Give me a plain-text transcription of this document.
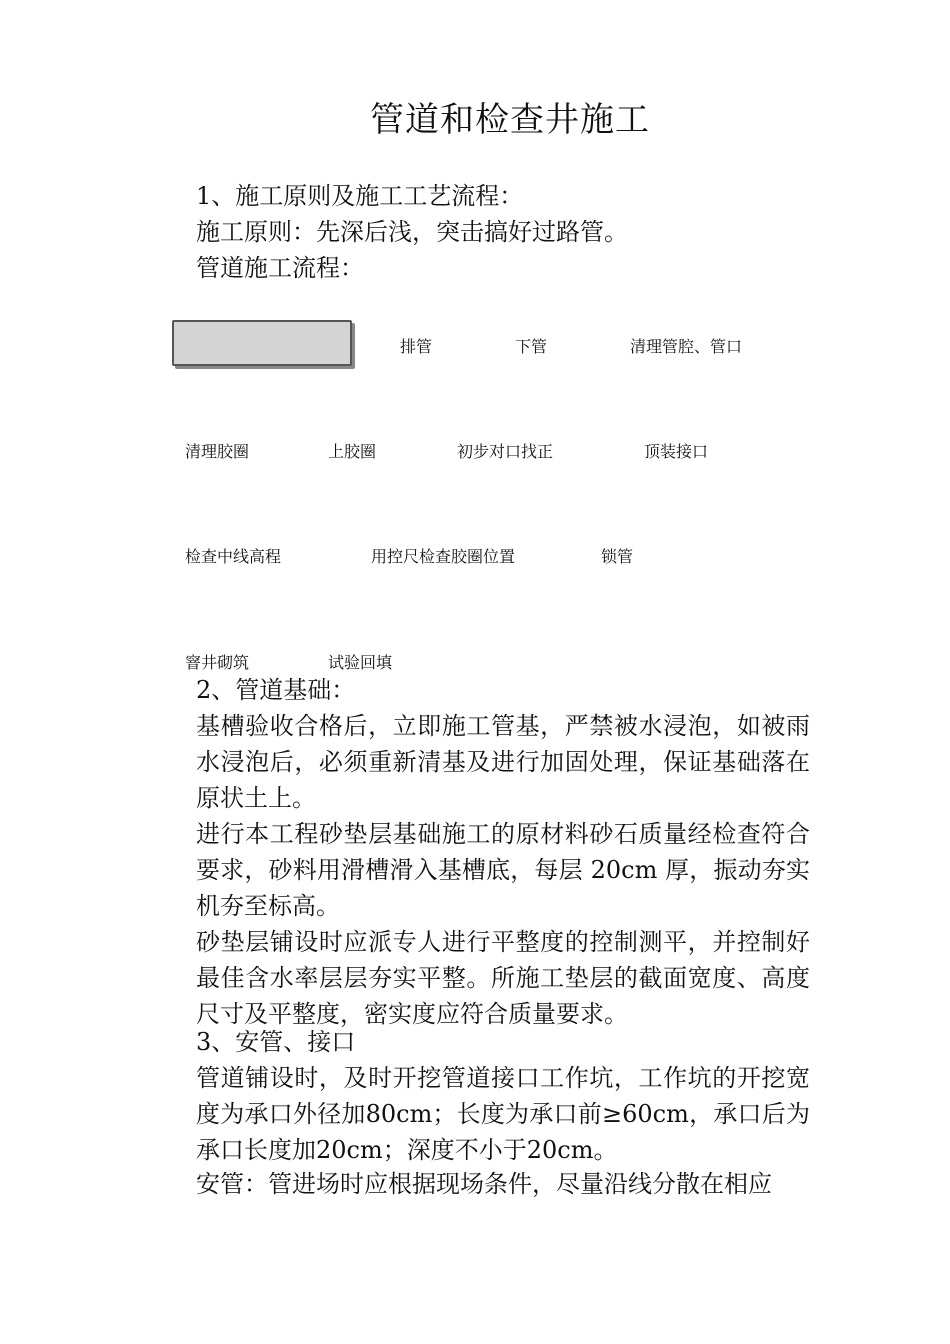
管道和检查井施工
1、施工原则及施工工艺流程：
施工原则：先深后浅，突击搞好过路管。
管道施工流程：
排管	下管	清理管腔、管口
清理胶圈	上胶圈	初步对口找正	顶装接口
检查中线高程	用控尺检查胶圈位置	锁管
窨井砌筑	试验回填
2、管道基础：
基槽验收合格后，立即施工管基，严禁被水浸泡，如被雨水浸泡后，必须重新清基及进行加固处理，保证基础落在原状土上。
进行本工程砂垫层基础施工的原材料砂石质量经检查符合要求，砂料用滑槽滑入基槽底，每层 20cm 厚，振动夯实机夯至标高。
砂垫层铺设时应派专人进行平整度的控制测平，并控制好最佳含水率层层夯实平整。所施工垫层的截面宽度、高度尺寸及平整度，密实度应符合质量要求。
3、安管、接口
管道铺设时，及时开挖管道接口工作坑，工作坑的开挖宽度为承口外径加80cm；长度为承口前≥60cm，承口后为承口长度加20cm；深度不小于20cm。
安管：管进场时应根据现场条件，尽量沿线分散在相应
